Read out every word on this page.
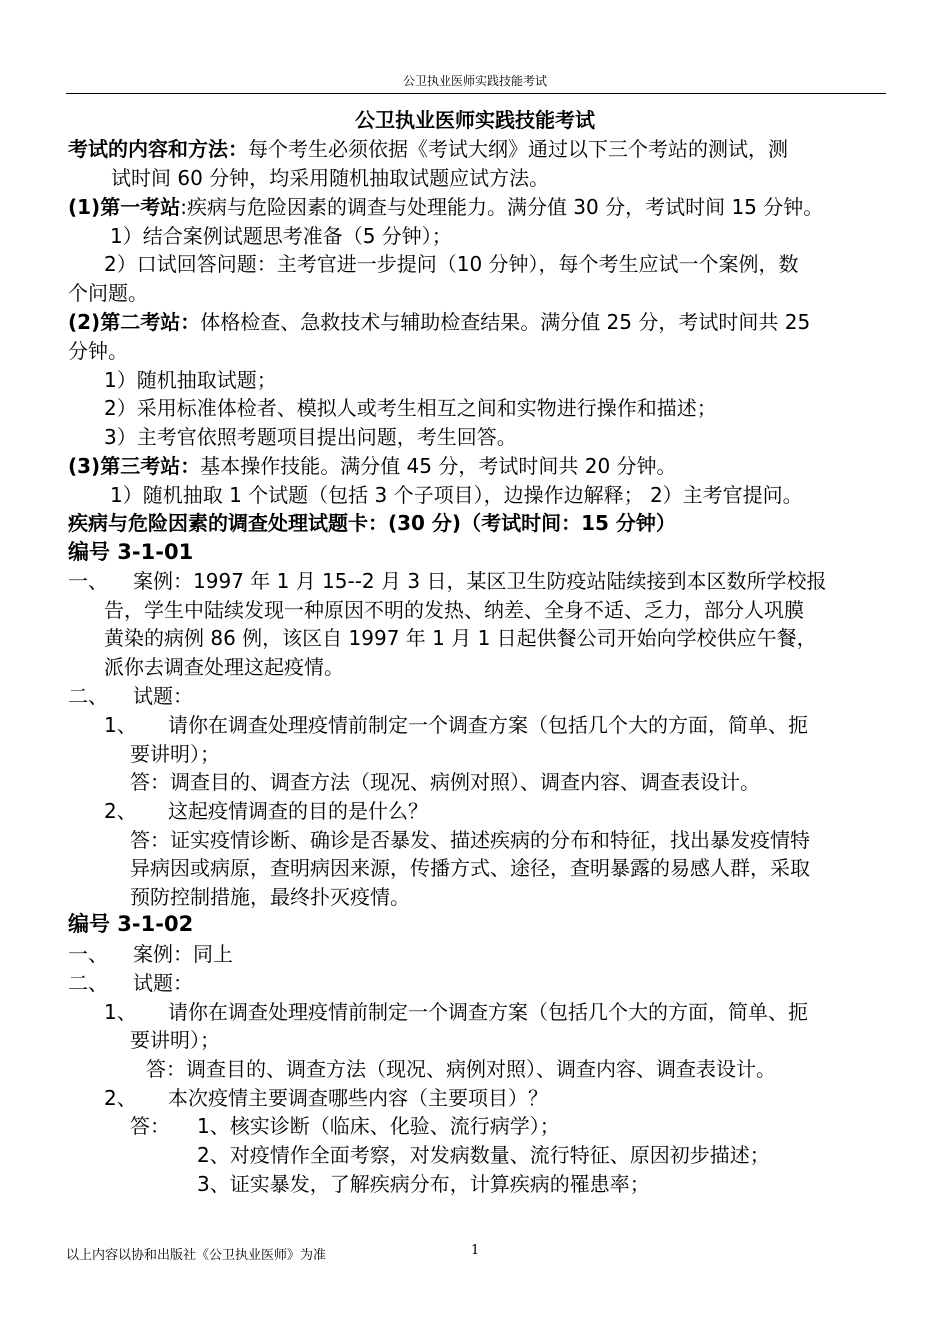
公卫执业医师实践技能考试
公卫执业医师实践技能考试
考试的内容和方法：每个考生必须依据《考试大纲》通过以下三个考站的测试，测
试时间 60 分钟，均采用随机抽取试题应试方法。
(1)第一考站:疾病与危险因素的调查与处理能力。满分值 30 分，考试时间 15 分钟。
1）结合案例试题思考准备（5 分钟）；
2）口试回答问题：主考官进一步提问（10 分钟），每个考生应试一个案例，数
个问题。
(2)第二考站：体格检查、急救技术与辅助检查结果。满分值 25 分，考试时间共 25
分钟。
1）随机抽取试题；
2）采用标准体检者、模拟人或考生相互之间和实物进行操作和描述；
3）主考官依照考题项目提出问题，考生回答。
(3)第三考站：基本操作技能。满分值 45 分，考试时间共 20 分钟。
1）随机抽取 1 个试题（包括 3 个子项目），边操作边解释； 2）主考官提问。
疾病与危险因素的调查处理试题卡：(30 分)（考试时间：15 分钟）
编号 3-1-01
一、 案例：1997 年 1 月 15--2 月 3 日，某区卫生防疫站陆续接到本区数所学校报
告，学生中陆续发现一种原因不明的发热、纳差、全身不适、乏力，部分人巩膜
黄染的病例 86 例，该区自 1997 年 1 月 1 日起供餐公司开始向学校供应午餐，
派你去调查处理这起疫情。
二、 试题：
1、 请你在调查处理疫情前制定一个调查方案（包括几个大的方面，简单、扼
要讲明）；
答：调查目的、调查方法（现况、病例对照）、调查内容、调查表设计。
2、 这起疫情调查的目的是什么？
答：证实疫情诊断、确诊是否暴发、描述疾病的分布和特征，找出暴发疫情特
异病因或病原，查明病因来源，传播方式、途径，查明暴露的易感人群，采取
预防控制措施，最终扑灭疫情。
编号 3-1-02
一、 案例：同上
二、 试题：
1、 请你在调查处理疫情前制定一个调查方案（包括几个大的方面，简单、扼
要讲明）；
答：调查目的、调查方法（现况、病例对照）、调查内容、调查表设计。
2、 本次疫情主要调查哪些内容（主要项目）？
答： 1、核实诊断（临床、化验、流行病学）；
2、对疫情作全面考察，对发病数量、流行特征、原因初步描述；
3、证实暴发，了解疾病分布，计算疾病的罹患率；
以上内容以协和出版社《公卫执业医师》为准	1
